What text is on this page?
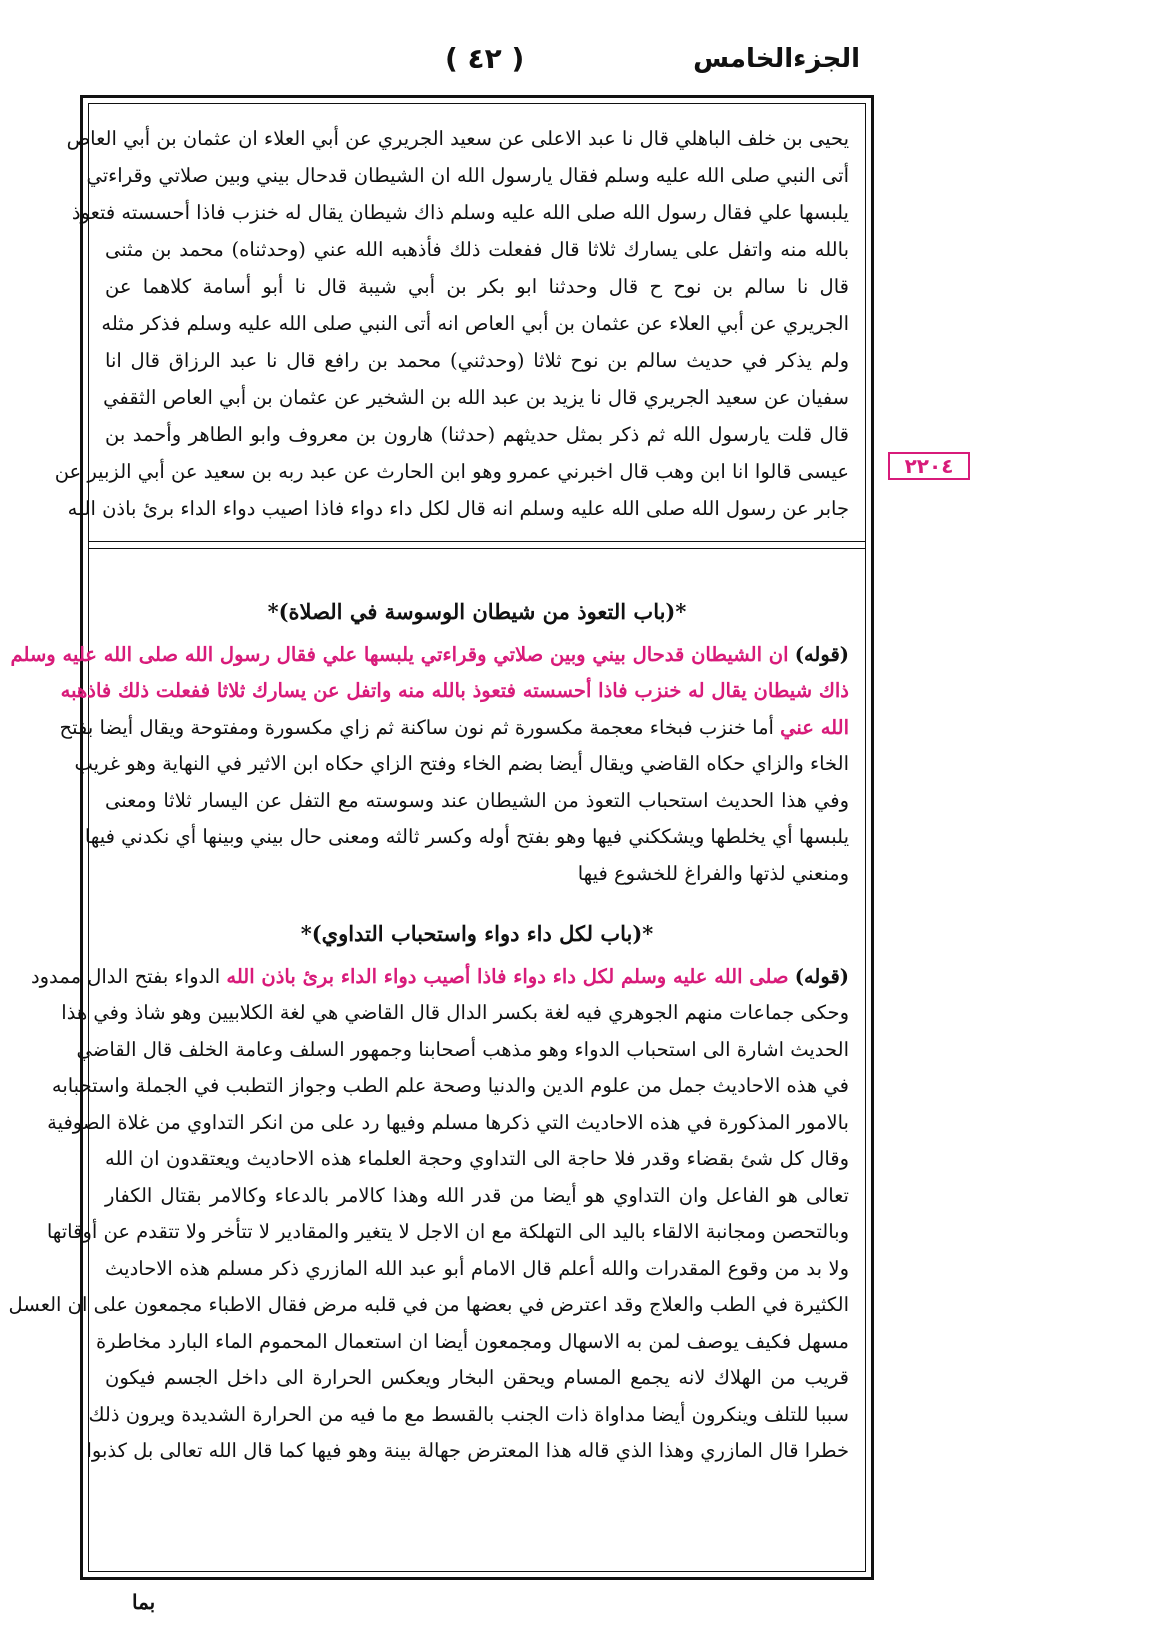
الجزءالخامس
( ٤٢ )
٢٢٠٤
يحيى بن خلف الباهلي قال نا عبد الاعلى عن سعيد الجريري عن أبي العلاء ان عثمان بن أبي العاص
أتى النبي صلى الله عليه وسلم فقال يارسول الله ان الشيطان قدحال بيني وبين صلاتي وقراءتي
يلبسها علي فقال رسول الله صلى الله عليه وسلم ذاك شيطان يقال له خنزب فاذا أحسسته فتعوذ
بالله منه واتفل على يسارك ثلاثا قال ففعلت ذلك فأذهبه الله عني (وحدثناه) محمد بن مثنى
قال نا سالم بن نوح ح قال وحدثنا ابو بكر بن أبي شيبة قال نا أبو أسامة كلاهما عن
الجريري عن أبي العلاء عن عثمان بن أبي العاص انه أتى النبي صلى الله عليه وسلم فذكر مثله
ولم يذكر في حديث سالم بن نوح ثلاثا (وحدثني) محمد بن رافع قال نا عبد الرزاق قال انا
سفيان عن سعيد الجريري قال نا يزيد بن عبد الله بن الشخير عن عثمان بن أبي العاص الثقفي
قال قلت يارسول الله ثم ذكر بمثل حديثهم (حدثنا) هارون بن معروف وابو الطاهر وأحمد بن
عيسى قالوا انا ابن وهب قال اخبرني عمرو وهو ابن الحارث عن عبد ربه بن سعيد عن أبي الزبير عن
جابر عن رسول الله صلى الله عليه وسلم انه قال لكل داء دواء فاذا اصيب دواء الداء برئ باذن الله
*(باب التعوذ من شيطان الوسوسة في الصلاة)*
(قوله) ان الشيطان قدحال بيني وبين صلاتي وقراءتي يلبسها علي فقال رسول الله صلى الله عليه وسلم
ذاك شيطان يقال له خنزب فاذا أحسسته فتعوذ بالله منه واتفل عن يسارك ثلاثا ففعلت ذلك فاذهبه
الله عني أما خنزب فبخاء معجمة مكسورة ثم نون ساكنة ثم زاي مكسورة ومفتوحة ويقال أيضا بفتح
الخاء والزاي حكاه القاضي ويقال أيضا بضم الخاء وفتح الزاي حكاه ابن الاثير في النهاية وهو غريب
وفي هذا الحديث استحباب التعوذ من الشيطان عند وسوسته مع التفل عن اليسار ثلاثا ومعنى
يلبسها أي يخلطها ويشككني فيها وهو بفتح أوله وكسر ثالثه ومعنى حال بيني وبينها أي نكدني فيها
ومنعني لذتها والفراغ للخشوع فيها
*(باب لكل داء دواء واستحباب التداوي)*
(قوله) صلى الله عليه وسلم لكل داء دواء فاذا أصيب دواء الداء برئ باذن الله الدواء بفتح الدال ممدود
وحكى جماعات منهم الجوهري فيه لغة بكسر الدال قال القاضي هي لغة الكلابيين وهو شاذ وفي هذا
الحديث اشارة الى استحباب الدواء وهو مذهب أصحابنا وجمهور السلف وعامة الخلف قال القاضي
في هذه الاحاديث جمل من علوم الدين والدنيا وصحة علم الطب وجواز التطبب في الجملة واستحبابه
بالامور المذكورة في هذه الاحاديث التي ذكرها مسلم وفيها رد على من انكر التداوي من غلاة الصوفية
وقال كل شئ بقضاء وقدر فلا حاجة الى التداوي وحجة العلماء هذه الاحاديث ويعتقدون ان الله
تعالى هو الفاعل وان التداوي هو أيضا من قدر الله وهذا كالامر بالدعاء وكالامر بقتال الكفار
وبالتحصن ومجانبة الالقاء باليد الى التهلكة مع ان الاجل لا يتغير والمقادير لا تتأخر ولا تتقدم عن أوقاتها
ولا بد من وقوع المقدرات والله أعلم قال الامام أبو عبد الله المازري ذكر مسلم هذه الاحاديث
الكثيرة في الطب والعلاج وقد اعترض في بعضها من في قلبه مرض فقال الاطباء مجمعون على ان العسل
مسهل فكيف يوصف لمن به الاسهال ومجمعون أيضا ان استعمال المحموم الماء البارد مخاطرة
قريب من الهلاك لانه يجمع المسام ويحقن البخار ويعكس الحرارة الى داخل الجسم فيكون
سببا للتلف وينكرون أيضا مداواة ذات الجنب بالقسط مع ما فيه من الحرارة الشديدة ويرون ذلك
خطرا قال المازري وهذا الذي قاله هذا المعترض جهالة بينة وهو فيها كما قال الله تعالى بل كذبوا
بما
